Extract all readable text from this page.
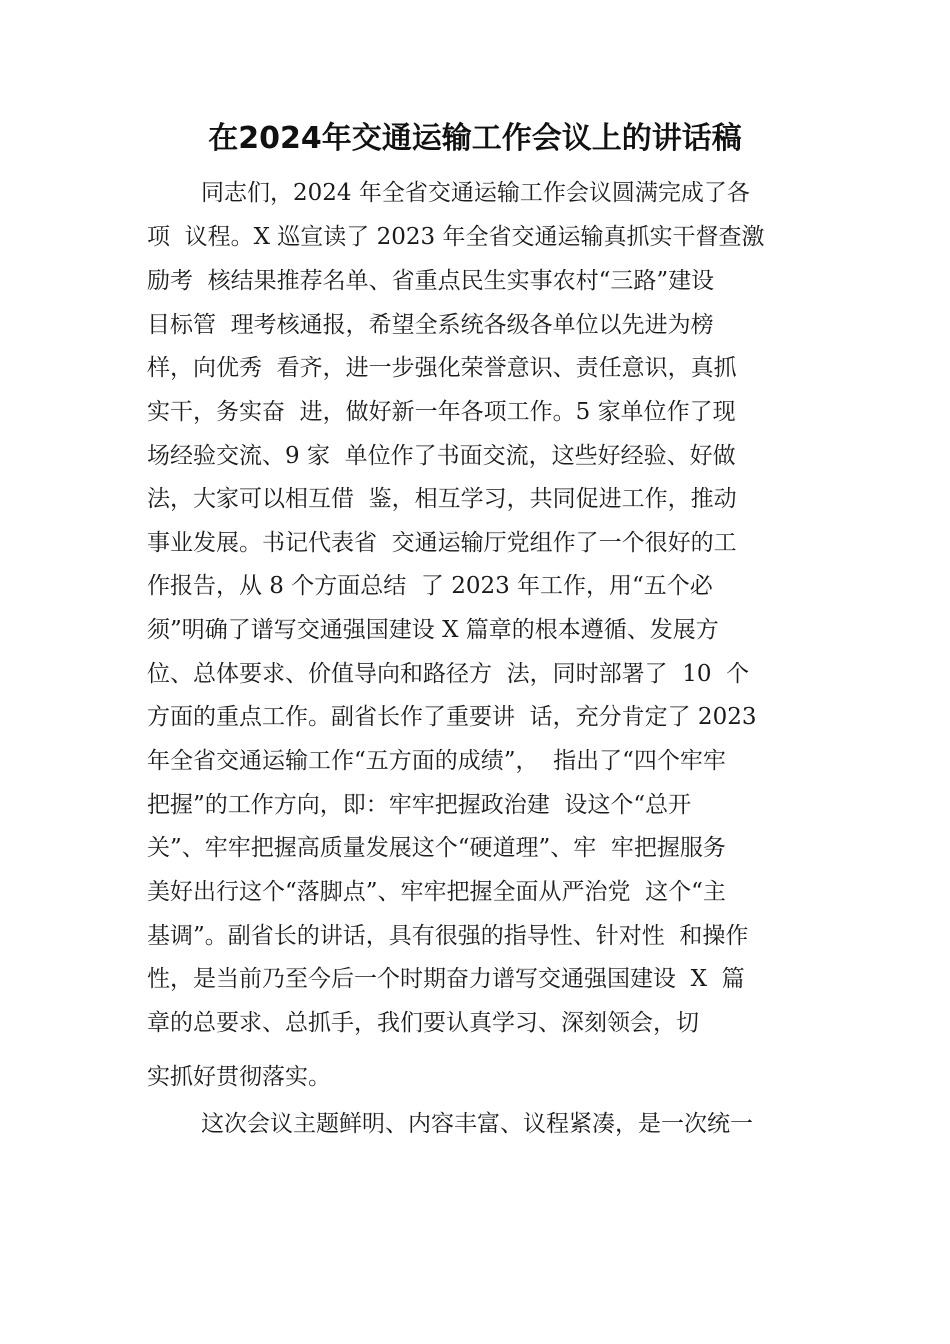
在2024年交通运输工作会议上的讲话稿
同志们，2024 年全省交通运输工作会议圆满完成了各
项  议程。X 巡宣读了 2023 年全省交通运输真抓实干督查激
励考  核结果推荐名单、省重点民生实事农村“三路”建设
目标管  理考核通报，希望全系统各级各单位以先进为榜
样，向优秀  看齐，进一步强化荣誉意识、责任意识，真抓
实干，务实奋  进，做好新一年各项工作。5 家单位作了现
场经验交流、9 家  单位作了书面交流，这些好经验、好做
法，大家可以相互借  鉴，相互学习，共同促进工作，推动
事业发展。书记代表省  交通运输厅党组作了一个很好的工
作报告，从 8 个方面总结  了 2023 年工作，用“五个必
须”明确了谱写交通强国建设 X 篇章的根本遵循、发展方
位、总体要求、价值导向和路径方  法，同时部署了  10  个
方面的重点工作。副省长作了重要讲  话，充分肯定了 2023
年全省交通运输工作“五方面的成绩”，  指出了“四个牢牢
把握”的工作方向，即：牢牢把握政治建  设这个“总开
关”、牢牢把握高质量发展这个“硬道理”、牢  牢把握服务
美好出行这个“落脚点”、牢牢把握全面从严治党  这个“主
基调”。副省长的讲话，具有很强的指导性、针对性  和操作
性，是当前乃至今后一个时期奋力谱写交通强国建设  X  篇
章的总要求、总抓手，我们要认真学习、深刻领会，切
实抓好贯彻落实。
这次会议主题鲜明、内容丰富、议程紧凑，是一次统一
